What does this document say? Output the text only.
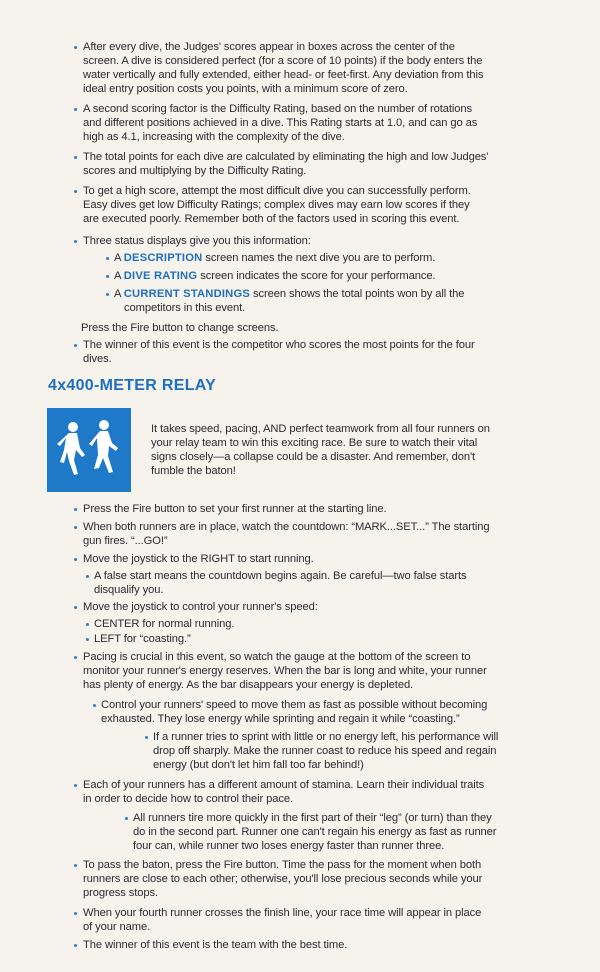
After every dive, the Judges' scores appear in boxes across the center of the
screen. A dive is considered perfect (for a score of 10 points) if the body enters the
water vertically and fully extended, either head- or feet-first. Any deviation from this
ideal entry position costs you points, with a minimum score of zero.
A second scoring factor is the Difficulty Rating, based on the number of rotations
and different positions achieved in a dive. This Rating starts at 1.0, and can go as
high as 4.1, increasing with the complexity of the dive.
The total points for each dive are calculated by eliminating the high and low Judges'
scores and multiplying by the Difficulty Rating.
To get a high score, attempt the most difficult dive you can successfully perform.
Easy dives get low Difficulty Ratings; complex dives may earn low scores if they
are executed poorly. Remember both of the factors used in scoring this event.
Three status displays give you this information:
A DESCRIPTION screen names the next dive you are to perform.
A DIVE RATING screen indicates the score for your performance.
A CURRENT STANDINGS screen shows the total points won by all the
competitors in this event.
Press the Fire button to change screens.
The winner of this event is the competitor who scores the most points for the four
dives.
4x400-METER RELAY
It takes speed, pacing, AND perfect teamwork from all four runners on
your relay team to win this exciting race. Be sure to watch their vital
signs closely—a collapse could be a disaster. And remember, don't
fumble the baton!
Press the Fire button to set your first runner at the starting line.
When both runners are in place, watch the countdown: “MARK...SET...” The starting
gun fires. “...GO!”
Move the joystick to the RIGHT to start running.
A false start means the countdown begins again. Be careful—two false starts
disqualify you.
Move the joystick to control your runner's speed:
CENTER for normal running.
LEFT for “coasting.”
Pacing is crucial in this event, so watch the gauge at the bottom of the screen to
monitor your runner's energy reserves. When the bar is long and white, your runner
has plenty of energy. As the bar disappears your energy is depleted.
Control your runners' speed to move them as fast as possible without becoming
exhausted. They lose energy while sprinting and regain it while “coasting.”
If a runner tries to sprint with little or no energy left, his performance will
drop off sharply. Make the runner coast to reduce his speed and regain
energy (but don't let him fall too far behind!)
Each of your runners has a different amount of stamina. Learn their individual traits
in order to decide how to control their pace.
All runners tire more quickly in the first part of their “leg” (or turn) than they
do in the second part. Runner one can't regain his energy as fast as runner
four can, while runner two loses energy faster than runner three.
To pass the baton, press the Fire button. Time the pass for the moment when both
runners are close to each other; otherwise, you'll lose precious seconds while your
progress stops.
When your fourth runner crosses the finish line, your race time will appear in place
of your name.
The winner of this event is the team with the best time.
